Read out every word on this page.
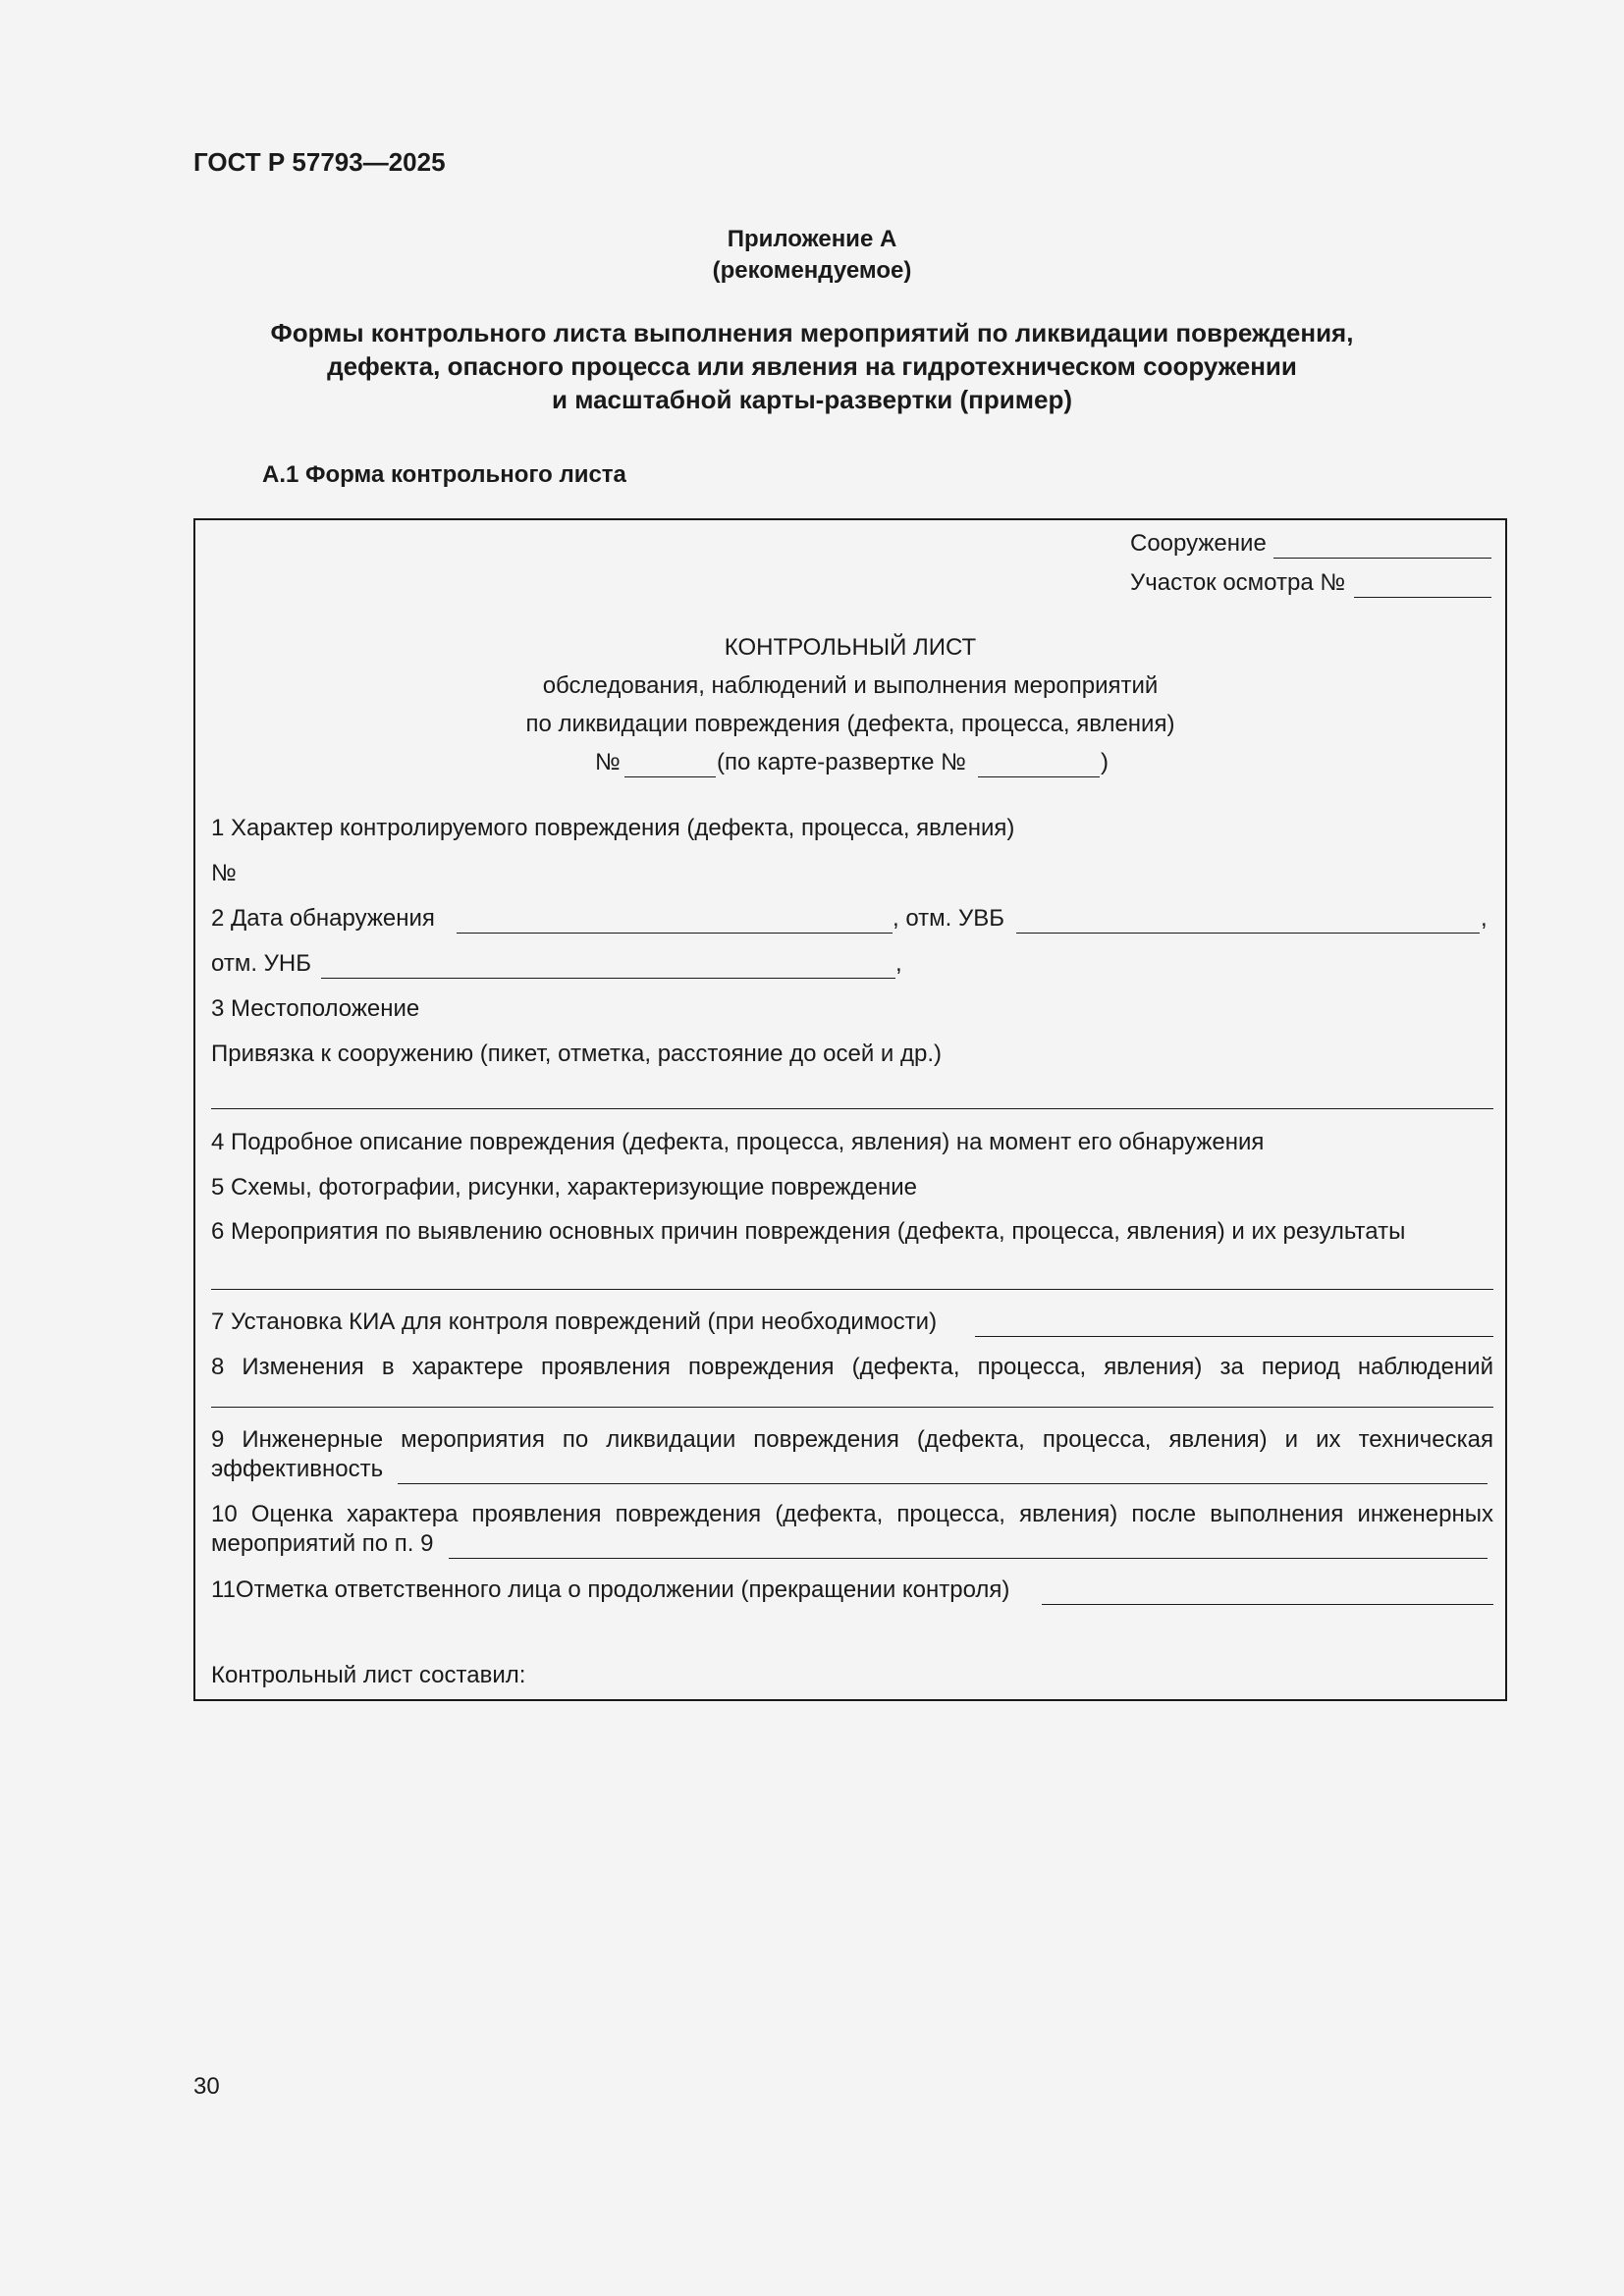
ГОСТ Р 57793—2025
Приложение А
(рекомендуемое)
Формы контрольного листа выполнения мероприятий по ликвидации повреждения,
дефекта, опасного процесса или явления на гидротехническом сооружении
и масштабной карты-развертки (пример)
А.1 Форма контрольного листа
Сооружение
Участок осмотра №
КОНТРОЛЬНЫЙ ЛИСТ
обследования, наблюдений и выполнения мероприятий
по ликвидации повреждения (дефекта, процесса, явления)
№	(по карте-развертке №	)
1 Характер контролируемого повреждения (дефекта, процесса, явления)
№
2 Дата обнаружения	, отм. УВБ	,
отм. УНБ	,
3 Местоположение
Привязка к сооружению (пикет, отметка, расстояние до осей и др.)
4 Подробное описание повреждения (дефекта, процесса, явления) на момент его обнаружения
5 Схемы, фотографии, рисунки, характеризующие повреждение
6 Мероприятия по выявлению основных причин повреждения (дефекта, процесса, явления) и их результаты
7 Установка КИА для контроля повреждений (при необходимости)
8 Изменения в характере проявления повреждения (дефекта, процесса, явления) за период наблюдений
9 Инженерные мероприятия по ликвидации повреждения (дефекта, процесса, явления) и их техническая
эффективность
10 Оценка характера проявления повреждения (дефекта, процесса, явления) после выполнения инженерных
мероприятий по п. 9
11Отметка ответственного лица о продолжении (прекращении контроля)
Контрольный лист составил:
30
